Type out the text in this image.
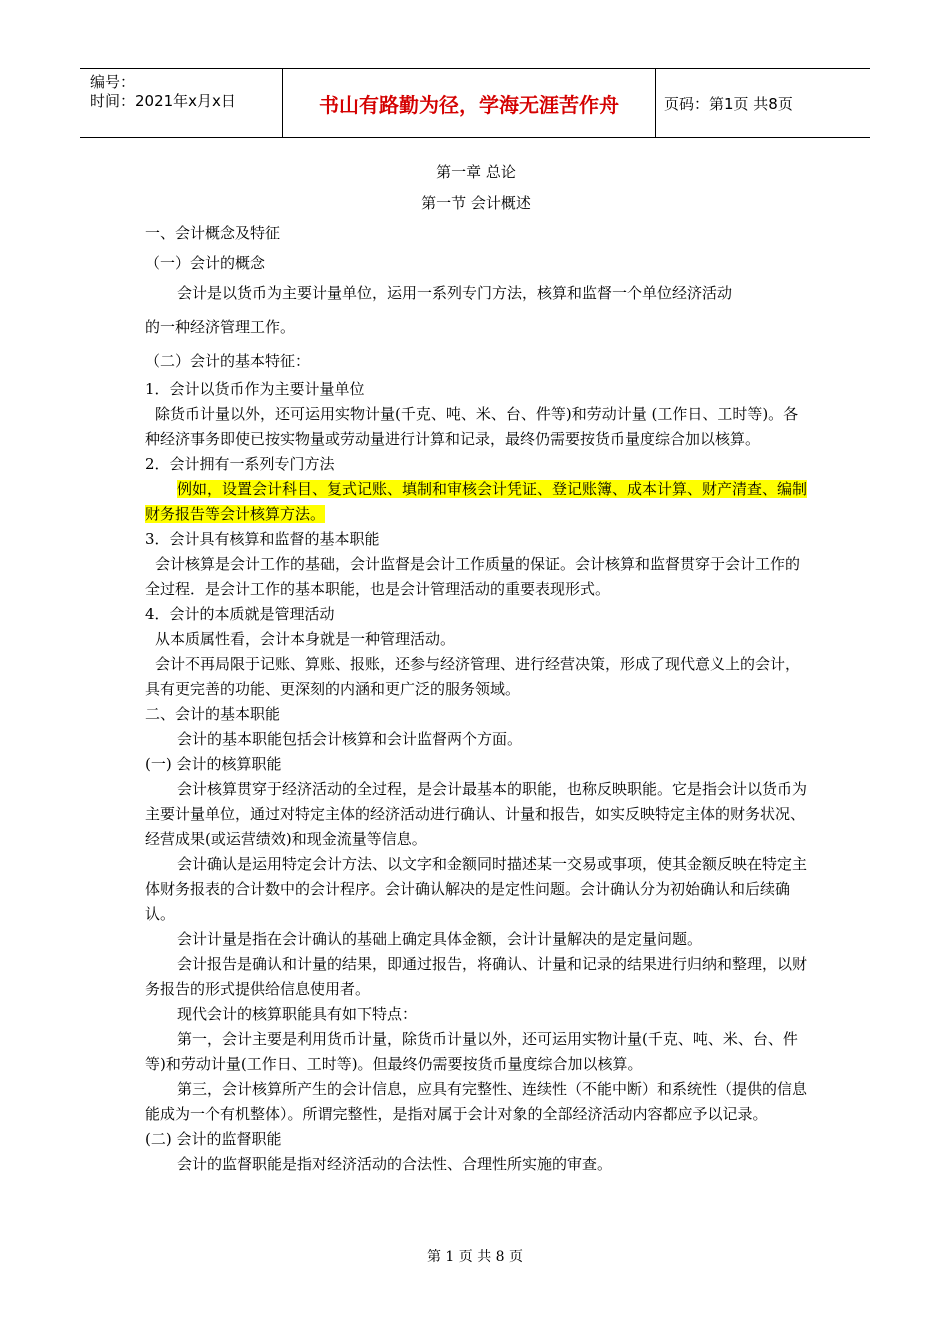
编号：
时间：2021年x月x日	书山有路勤为径，学海无涯苦作舟	页码：第1页 共8页

第一章 总论

第一节 会计概述

一、会计概念及特征

（一）会计的概念

会计是以货币为主要计量单位，运用一系列专门方法，核算和监督一个单位经济活动

的一种经济管理工作。

（二）会计的基本特征：

1．会计以货币作为主要计量单位

除货币计量以外，还可运用实物计量(千克、吨、米、台、件等)和劳动计量 (工作日、工时等)。各种经济事务即使已按实物量或劳动量进行计算和记录，最终仍需要按货币量度综合加以核算。

2．会计拥有一系列专门方法

例如，设置会计科目、复式记账、填制和审核会计凭证、登记账簿、成本计算、财产清查、编制财务报告等会计核算方法。

3．会计具有核算和监督的基本职能

会计核算是会计工作的基础，会计监督是会计工作质量的保证。会计核算和监督贯穿于会计工作的全过程．是会计工作的基本职能，也是会计管理活动的重要表现形式。

4．会计的本质就是管理活动

从本质属性看，会计本身就是一种管理活动。

会计不再局限于记账、算账、报账，还参与经济管理、进行经营决策，形成了现代意义上的会计，具有更完善的功能、更深刻的内涵和更广泛的服务领域。

二、会计的基本职能

会计的基本职能包括会计核算和会计监督两个方面。

(一) 会计的核算职能

会计核算贯穿于经济活动的全过程，是会计最基本的职能，也称反映职能。它是指会计以货币为主要计量单位，通过对特定主体的经济活动进行确认、计量和报告，如实反映特定主体的财务状况、经营成果(或运营绩效)和现金流量等信息。

会计确认是运用特定会计方法、以文字和金额同时描述某一交易或事项，使其金额反映在特定主体财务报表的合计数中的会计程序。会计确认解决的是定性问题。会计确认分为初始确认和后续确认。

会计计量是指在会计确认的基础上确定具体金额，会计计量解决的是定量问题。

会计报告是确认和计量的结果，即通过报告，将确认、计量和记录的结果进行归纳和整理，以财务报告的形式提供给信息使用者。

现代会计的核算职能具有如下特点：

第一，会计主要是利用货币计量，除货币计量以外，还可运用实物计量(千克、吨、米、台、件等)和劳动计量(工作日、工时等)。但最终仍需要按货币量度综合加以核算。

第三，会计核算所产生的会计信息，应具有完整性、连续性（不能中断）和系统性（提供的信息能成为一个有机整体）。所谓完整性，是指对属于会计对象的全部经济活动内容都应予以记录。

(二) 会计的监督职能

会计的监督职能是指对经济活动的合法性、合理性所实施的审查。

第 1 页 共 8 页
